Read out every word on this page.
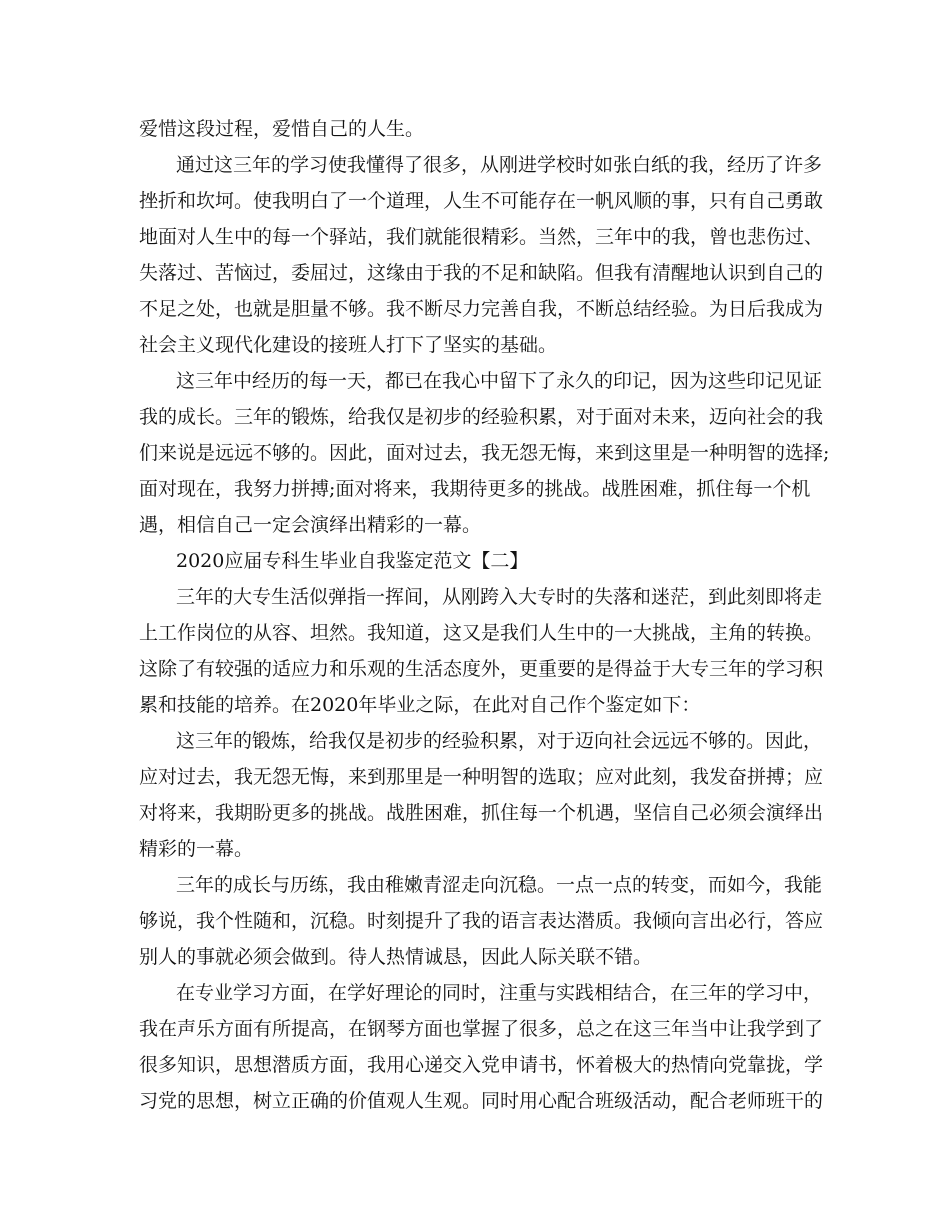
爱惜这段过程，爱惜自己的人生。
通过这三年的学习使我懂得了很多，从刚进学校时如张白纸的我，经历了许多
挫折和坎坷。使我明白了一个道理，人生不可能存在一帆风顺的事，只有自己勇敢
地面对人生中的每一个驿站，我们就能很精彩。当然，三年中的我，曾也悲伤过、
失落过、苦恼过，委屈过，这缘由于我的不足和缺陷。但我有清醒地认识到自己的
不足之处，也就是胆量不够。我不断尽力完善自我，不断总结经验。为日后我成为
社会主义现代化建设的接班人打下了坚实的基础。
这三年中经历的每一天，都已在我心中留下了永久的印记，因为这些印记见证
我的成长。三年的锻炼，给我仅是初步的经验积累，对于面对未来，迈向社会的我
们来说是远远不够的。因此，面对过去，我无怨无悔，来到这里是一种明智的选择;
面对现在，我努力拼搏;面对将来，我期待更多的挑战。战胜困难，抓住每一个机
遇，相信自己一定会演绎出精彩的一幕。
2020应届专科生毕业自我鉴定范文【二】
三年的大专生活似弹指一挥间，从刚跨入大专时的失落和迷茫，到此刻即将走
上工作岗位的从容、坦然。我知道，这又是我们人生中的一大挑战，主角的转换。
这除了有较强的适应力和乐观的生活态度外，更重要的是得益于大专三年的学习积
累和技能的培养。在2020年毕业之际，在此对自己作个鉴定如下：
这三年的锻炼，给我仅是初步的经验积累，对于迈向社会远远不够的。因此，
应对过去，我无怨无悔，来到那里是一种明智的选取；应对此刻，我发奋拼搏；应
对将来，我期盼更多的挑战。战胜困难，抓住每一个机遇，坚信自己必须会演绎出
精彩的一幕。
三年的成长与历练，我由稚嫩青涩走向沉稳。一点一点的转变，而如今，我能
够说，我个性随和，沉稳。时刻提升了我的语言表达潜质。我倾向言出必行，答应
别人的事就必须会做到。待人热情诚恳，因此人际关联不错。
在专业学习方面，在学好理论的同时，注重与实践相结合，在三年的学习中，
我在声乐方面有所提高，在钢琴方面也掌握了很多，总之在这三年当中让我学到了
很多知识，思想潜质方面，我用心递交入党申请书，怀着极大的热情向党靠拢，学
习党的思想，树立正确的价值观人生观。同时用心配合班级活动，配合老师班干的
